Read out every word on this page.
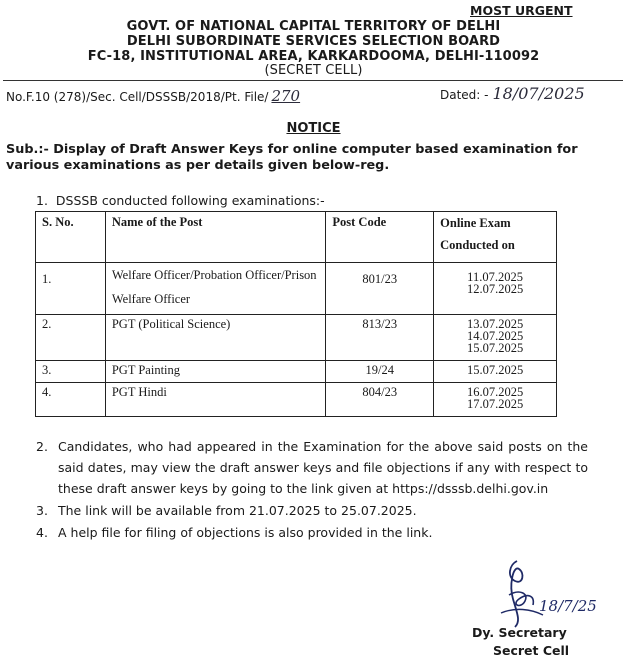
MOST URGENT
GOVT. OF NATIONAL CAPITAL TERRITORY OF DELHI
DELHI SUBORDINATE SERVICES SELECTION BOARD
FC-18, INSTITUTIONAL AREA, KARKARDOOMA, DELHI-110092
(SECRET CELL)
No.F.10 (278)/Sec. Cell/DSSSB/2018/Pt. File/ 270	Dated: - 18/07/2025
NOTICE
Sub.:- Display of Draft Answer Keys for online computer based examination for various examinations as per details given below-reg.
1. DSSSB conducted following examinations:-
S. No.	Name of the Post	Post Code	Online Exam Conducted on
1.	Welfare Officer/Probation Officer/Prison Welfare Officer	801/23	11.07.2025
12.07.2025

2.	PGT (Political Science)	813/23	13.07.2025
14.07.2025
15.07.2025

3.	PGT Painting	19/24	15.07.2025

4.	PGT Hindi	804/23	16.07.2025
17.07.2025
2. Candidates, who had appeared in the Examination for the above said posts on the said dates, may view the draft answer keys and file objections if any with respect to these draft answer keys by going to the link given at https://dsssb.delhi.gov.in
3. The link will be available from 21.07.2025 to 25.07.2025.
4. A help file for filing of objections is also provided in the link.
18/7/25
Dy. Secretary
Secret Cell
